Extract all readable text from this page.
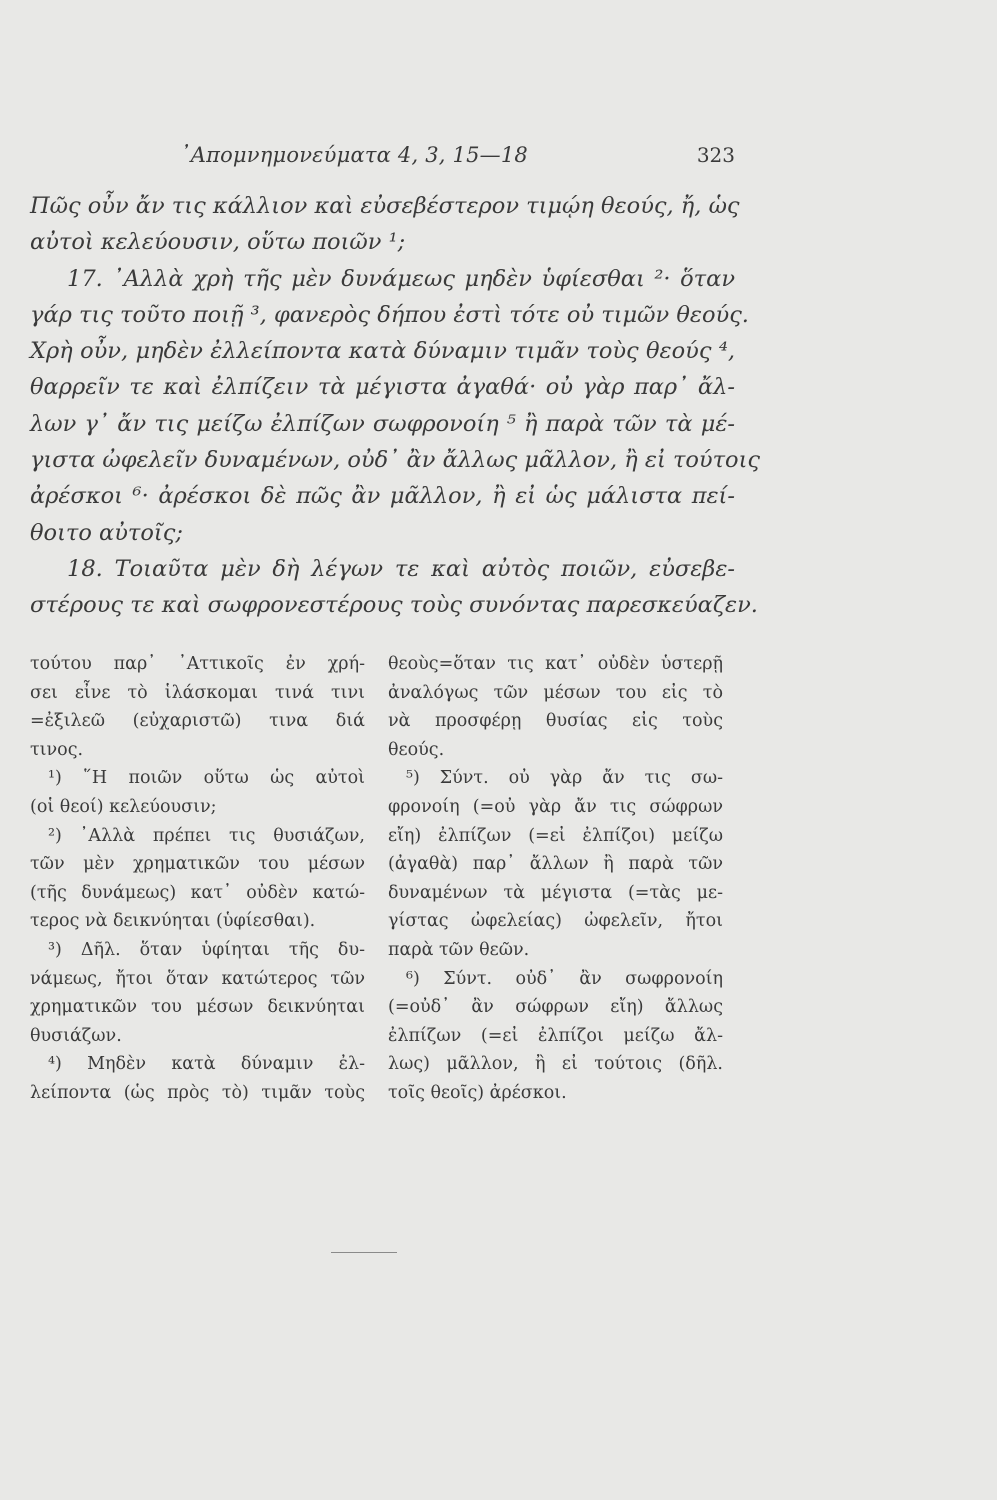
᾿Απομνημονεύματα 4, 3, 15—18	323
Πῶς οὖν ἄν τις κάλλιον καὶ εὐσεβέστερον τιμῴη θεούς, ἤ, ὡς
αὐτοὶ κελεύουσιν, οὕτω ποιῶν ¹;
17. ᾿Αλλὰ χρὴ τῆς μὲν δυνάμεως μηδὲν ὑφίεσθαι ²· ὅταν
γάρ τις τοῦτο ποιῇ ³, φανερὸς δήπου ἐστὶ τότε οὐ τιμῶν θεούς.
Χρὴ οὖν, μηδὲν ἐλλείποντα κατὰ δύναμιν τιμᾶν τοὺς θεούς ⁴,
θαρρεῖν τε καὶ ἐλπίζειν τὰ μέγιστα ἀγαθά· οὐ γὰρ παρ᾿ ἄλ-
λων γ᾿ ἄν τις μείζω ἐλπίζων σωφρονοίη ⁵ ἢ παρὰ τῶν τὰ μέ-
γιστα ὠφελεῖν δυναμένων, οὐδ᾿ ἂν ἄλλως μᾶλλον, ἢ εἰ τούτοις
ἀρέσκοι ⁶· ἀρέσκοι δὲ πῶς ἂν μᾶλλον, ἢ εἰ ὡς μάλιστα πεί-
θοιτο αὐτοῖς;
18. Τοιαῦτα μὲν δὴ λέγων τε καὶ αὐτὸς ποιῶν, εὐσεβε-
στέρους τε καὶ σωφρονεστέρους τοὺς συνόντας παρεσκεύαζεν.
τούτου παρ᾿ ᾿Αττικοῖς ἐν χρή-
σει εἶνε τὸ ἱλάσκομαι τινά τινι
=ἐξιλεῶ (εὐχαριστῶ) τινα διά
τινος.
¹) ῞Η ποιῶν οὕτω ὡς αὐτοὶ
(οἱ θεοί) κελεύουσιν;
²) ᾿Αλλὰ πρέπει τις θυσιάζων,
τῶν μὲν χρηματικῶν του μέσων
(τῆς δυνάμεως) κατ᾿ οὐδὲν κατώ-
τερος νὰ δεικνύηται (ὑφίεσθαι).
³) Δῆλ. ὅταν ὑφίηται τῆς δυ-
νάμεως, ἤτοι ὅταν κατώτερος τῶν
χρηματικῶν του μέσων δεικνύηται
θυσιάζων.
⁴) Μηδὲν κατὰ δύναμιν ἐλ-
λείποντα (ὡς πρὸς τὸ) τιμᾶν τοὺς
θεοὺς=ὅταν τις κατ᾿ οὐδὲν ὑστερῇ
ἀναλόγως τῶν μέσων του εἰς τὸ
νὰ προσφέρῃ θυσίας εἰς τοὺς
θεούς.
⁵) Σύντ. οὐ γὰρ ἄν τις σω-
φρονοίη (=οὐ γὰρ ἄν τις σώφρων
εἴη) ἐλπίζων (=εἰ ἐλπίζοι) μείζω
(ἀγαθὰ) παρ᾿ ἄλλων ἢ παρὰ τῶν
δυναμένων τὰ μέγιστα (=τὰς με-
γίστας ὠφελείας) ὠφελεῖν, ἤτοι
παρὰ τῶν θεῶν.
⁶) Σύντ. οὐδ᾿ ἂν σωφρονοίη
(=οὐδ᾿ ἂν σώφρων εἴη) ἄλλως
ἐλπίζων (=εἰ ἐλπίζοι μείζω ἄλ-
λως) μᾶλλον, ἢ εἰ τούτοις (δῆλ.
τοῖς θεοῖς) ἀρέσκοι.
